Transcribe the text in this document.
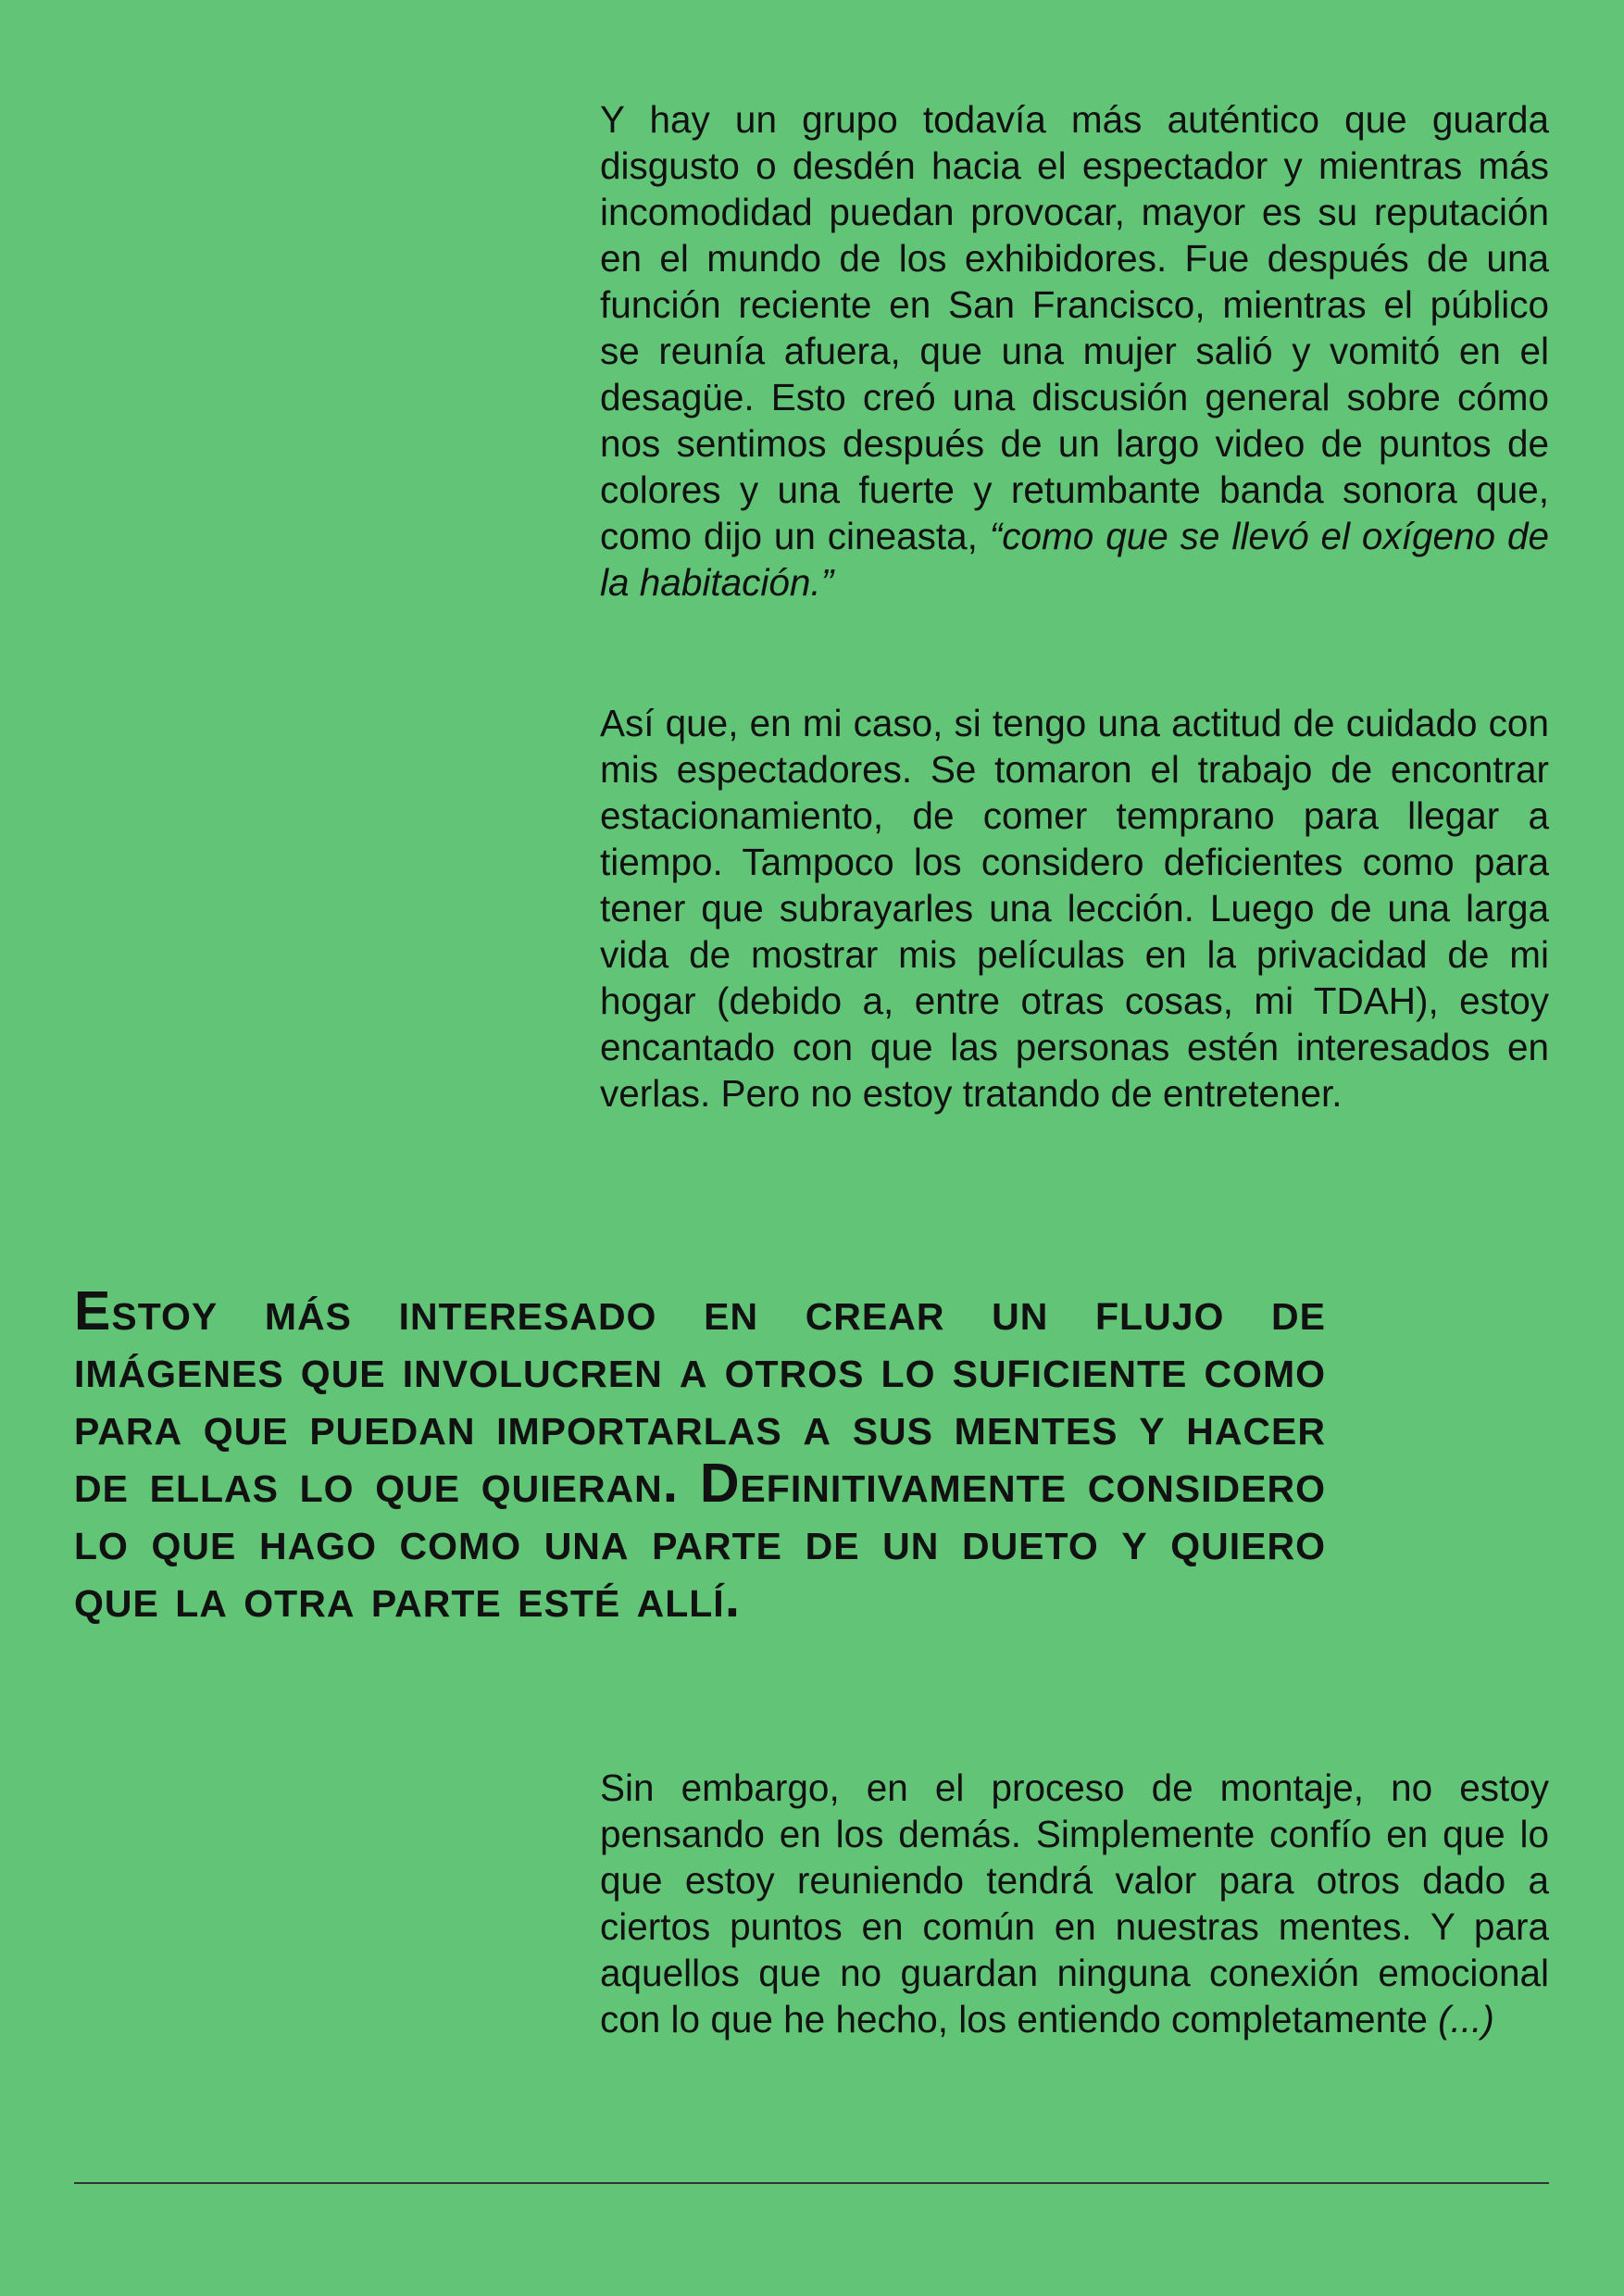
Y hay un grupo todavía más auténtico que guarda disgusto o desdén hacia el espectador y mientras más incomodidad puedan provocar, mayor es su reputación en el mundo de los exhibidores. Fue después de una función reciente en San Francisco, mientras el público se reunía afuera, que una mujer salió y vomitó en el desagüe. Esto creó una discusión general sobre cómo nos sentimos después de un largo video de puntos de colores y una fuerte y retumbante banda sonora que, como dijo un cineasta, “como que se llevó el oxígeno de la habitación.”

Así que, en mi caso, si tengo una actitud de cuidado con mis espectadores. Se tomaron el trabajo de encontrar estacionamiento, de comer temprano para llegar a tiempo. Tampoco los considero deficientes como para tener que subrayarles una lección. Luego de una larga vida de mostrar mis películas en la privacidad de mi hogar (debido a, entre otras cosas, mi TDAH), estoy encantado con que las personas estén interesados en verlas. Pero no estoy tratando de entretener.

Estoy más interesado en crear un flujo de imágenes que involucren a otros lo suficiente como para que puedan importarlas a sus mentes y hacer de ellas lo que quieran. Definitivamente considero lo que hago como una parte de un dueto y quiero que la otra parte esté allí.

Sin embargo, en el proceso de montaje, no estoy pensando en los demás. Simplemente confío en que lo que estoy reuniendo tendrá valor para otros dado a ciertos puntos en común en nuestras mentes. Y para aquellos que no guardan ninguna conexión emocional con lo que he hecho, los entiendo completamente (...)
